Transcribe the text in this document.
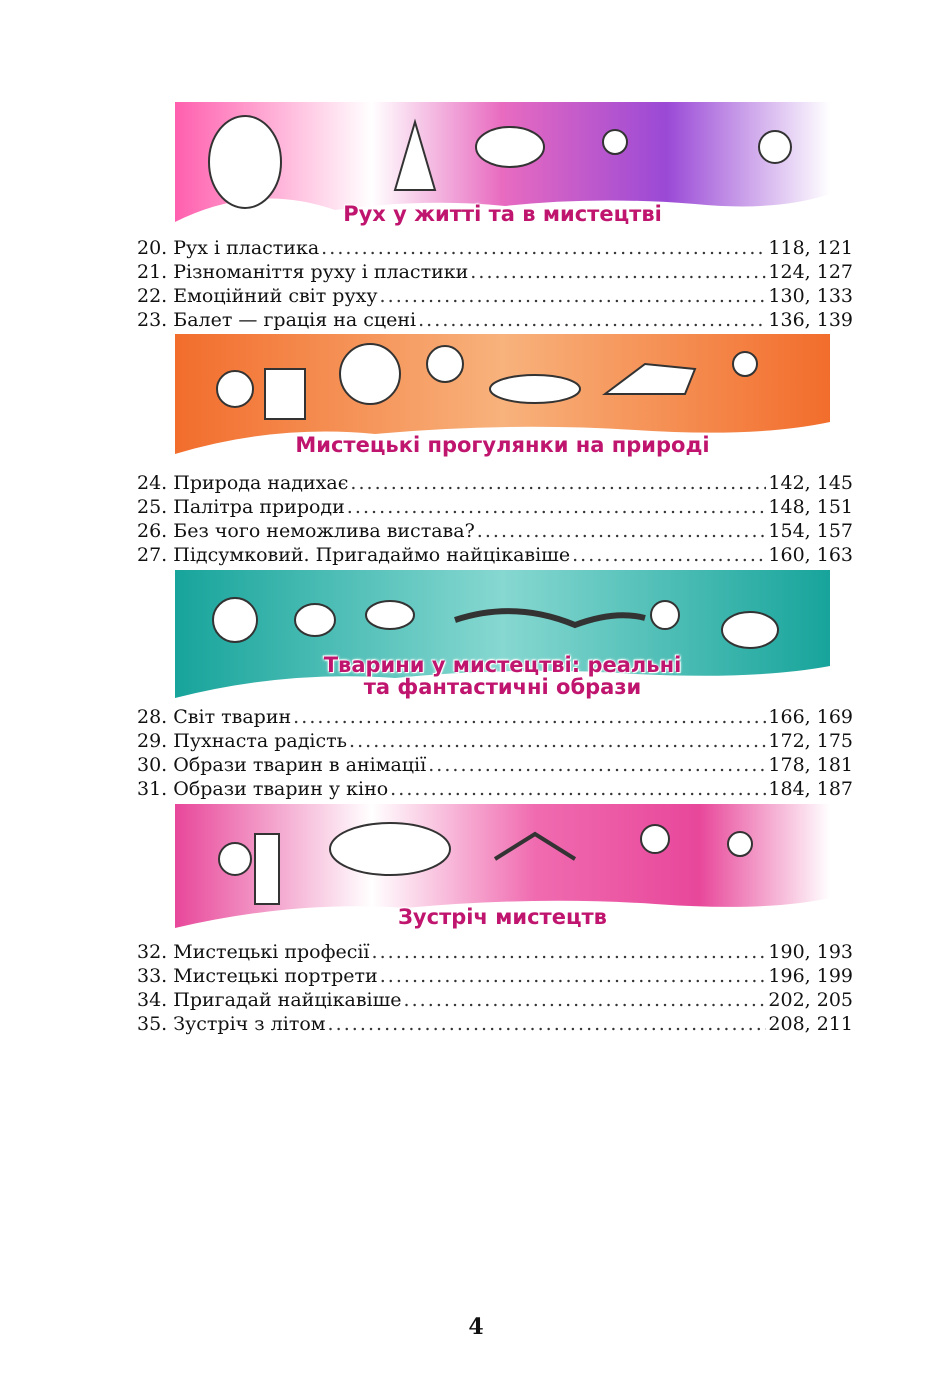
Рух у житті та в мистецтві
20. Рух і пластика . . .	118, 121
21. Різноманіття руху і пластики . . .	124, 127
22. Емоційний світ руху . . .	130, 133
23. Балет — грація на сцені . . .	136, 139
Мистецькі прогулянки на природі
24. Природа надихає . . .	142, 145
25. Палітра природи . . .	148, 151
26. Без чого неможлива вистава? . . .	154, 157
27. Підсумковий. Пригадаймо найцікавіше . . .	160, 163
Тварини у мистецтві: реальні
та фантастичні образи
28. Світ тварин . . .	166, 169
29. Пухнаста радість . . .	172, 175
30. Образи тварин в анімації . . .	178, 181
31. Образи тварин у кіно . . .	184, 187
Зустріч мистецтв
32. Мистецькі професії . . .	190, 193
33. Мистецькі портрети . . .	196, 199
34. Пригадай найцікавіше . . .	202, 205
35. Зустріч з літом . . .	208, 211
4
